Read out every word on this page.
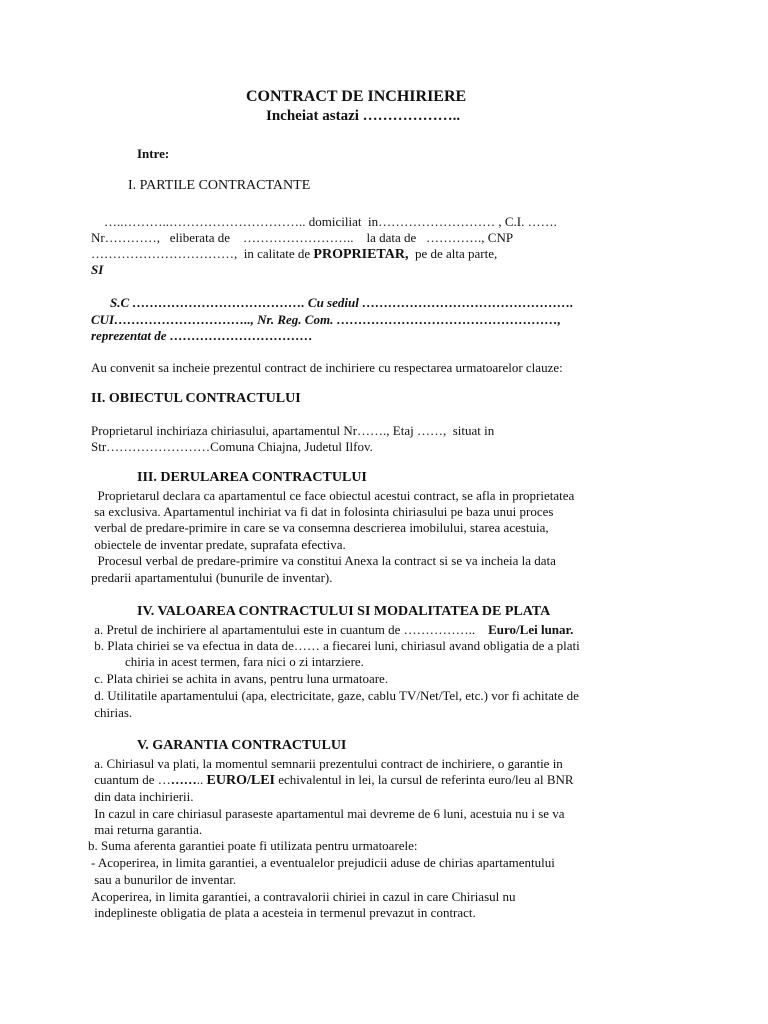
CONTRACT DE INCHIRIERE
Incheiat astazi ………………..
Intre:
I. PARTILE CONTRACTANTE
…..………..………………………….. domiciliat  in……………………… , C.I. …….
Nr…………,   eliberata de    ……………………..    la data de   …………., CNP
……………………………,  in calitate de PROPRIETAR,  pe de alta parte,
SI
S.C …………………………………. Cu sediul ………………………………………….
CUI………………………….., Nr. Reg. Com. ……………………………………………,
reprezentat de ……………………………
Au convenit sa incheie prezentul contract de inchiriere cu respectarea urmatoarelor clauze:
II. OBIECTUL CONTRACTULUI
Proprietarul inchiriaza chiriasului, apartamentul Nr……., Etaj ……,  situat in
Str……………………Comuna Chiajna, Judetul Ilfov.
III. DERULAREA CONTRACTULUI
Proprietarul declara ca apartamentul ce face obiectul acestui contract, se afla in proprietatea
sa exclusiva. Apartamentul inchiriat va fi dat in folosinta chiriasului pe baza unui proces
verbal de predare-primire in care se va consemna descrierea imobilului, starea acestuia,
obiectele de inventar predate, suprafata efectiva.
Procesul verbal de predare-primire va constitui Anexa la contract si se va incheia la data
predarii apartamentului (bunurile de inventar).
IV. VALOAREA CONTRACTULUI SI MODALITATEA DE PLATA
a. Pretul de inchiriere al apartamentului este in cuantum de ……………..    Euro/Lei lunar.
b. Plata chiriei se va efectua in data de…… a fiecarei luni, chiriasul avand obligatia de a plati
chiria in acest termen, fara nici o zi intarziere.
c. Plata chiriei se achita in avans, pentru luna urmatoare.
d. Utilitatile apartamentului (apa, electricitate, gaze, cablu TV/Net/Tel, etc.) vor fi achitate de
chirias.
V. GARANTIA CONTRACTULUI
a. Chiriasul va plati, la momentul semnarii prezentului contract de inchiriere, o garantie in
cuantum de ……….. EURO/LEI echivalentul in lei, la cursul de referinta euro/leu al BNR
din data inchirierii.
In cazul in care chiriasul paraseste apartamentul mai devreme de 6 luni, acestuia nu i se va
mai returna garantia.
b. Suma aferenta garantiei poate fi utilizata pentru urmatoarele:
- Acoperirea, in limita garantiei, a eventualelor prejudicii aduse de chirias apartamentului
sau a bunurilor de inventar.
Acoperirea, in limita garantiei, a contravalorii chiriei in cazul in care Chiriasul nu
indeplineste obligatia de plata a acesteia in termenul prevazut in contract.
